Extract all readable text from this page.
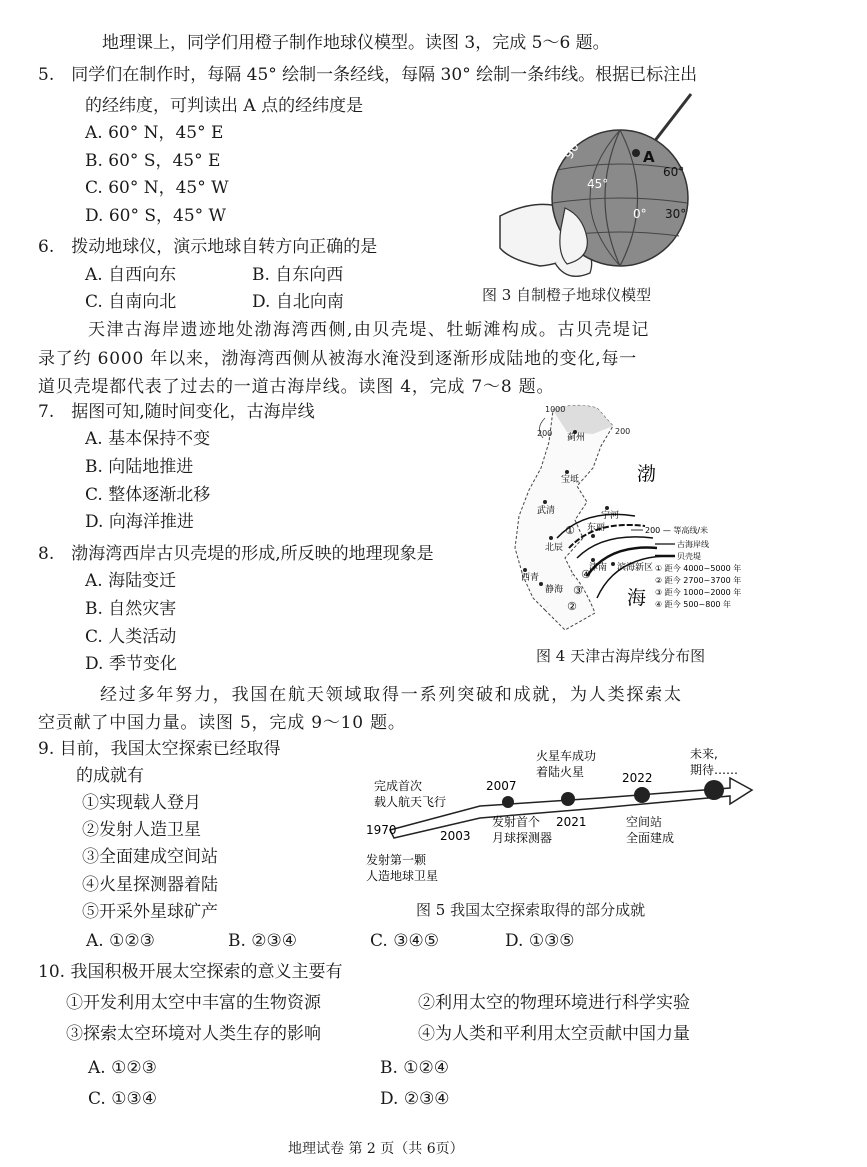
地理课上，同学们用橙子制作地球仪模型。读图 3，完成 5～6 题。
5.　同学们在制作时，每隔 45° 绘制一条经线，每隔 30° 绘制一条纬线。根据已标注出
的经纬度，可判读出 A 点的经纬度是
A. 60° N，45° E
B. 60° S，45° E
C. 60° N，45° W
D. 60° S，45° W
6.　拨动地球仪，演示地球自转方向正确的是
A. 自西向东	B. 自东向西
C. 自南向北	D. 自北向南
90°	A
60°
45°
0° 30°
图 3 自制橙子地球仪模型
天津古海岸遗迹地处渤海湾西侧,由贝壳堤、牡蛎滩构成。古贝壳堤记
录了约 6000 年以来，渤海湾西侧从被海水淹没到逐渐形成陆地的变化,每一
道贝壳堤都代表了过去的一道古海岸线。读图 4，完成 7～8 题。
7.　据图可知,随时间变化，古海岸线
A. 基本保持不变
B. 向陆地推进
C. 整体逐渐北移
D. 向海洋推进
8.　渤海湾西岸古贝壳堤的形成,所反映的地理现象是
A. 海陆变迁
B. 自然灾害
C. 人类活动
D. 季节变化
1000
200	200
蓟州
宝坻
武清	宁河
北辰
东丽
津南 滨海新区
西青
静海
①
②
③
④
渤
海
200 — 等高线/米
古海岸线
贝壳堤
① 距今 4000~5000 年
② 距今 2700~3700 年
③ 距今 1000~2000 年
④ 距今 500~800 年
图 4 天津古海岸线分布图
经过多年努力，我国在航天领域取得一系列突破和成就，为人类探索太
空贡献了中国力量。读图 5，完成 9～10 题。
9. 目前，我国太空探索已经取得
的成就有
①实现载人登月
②发射人造卫星
③全面建成空间站
④火星探测器着陆
⑤开采外星球矿产
A. ①②③	B. ②③④	C. ③④⑤	D. ①③⑤
1970	2003
2007
2021
2022
完成首次
载人航天飞行
火星车成功
着陆火星
未来,
期待……
发射首个
月球探测器
空间站
全面建成
发射第一颗
人造地球卫星
图 5 我国太空探索取得的部分成就
10. 我国积极开展太空探索的意义主要有
①开发利用太空中丰富的生物资源	②利用太空的物理环境进行科学实验
③探索太空环境对人类生存的影响	④为人类和平利用太空贡献中国力量
A. ①②③	B. ①②④
C. ①③④	D. ②③④
地理试卷 第 2 页（共 6页）
